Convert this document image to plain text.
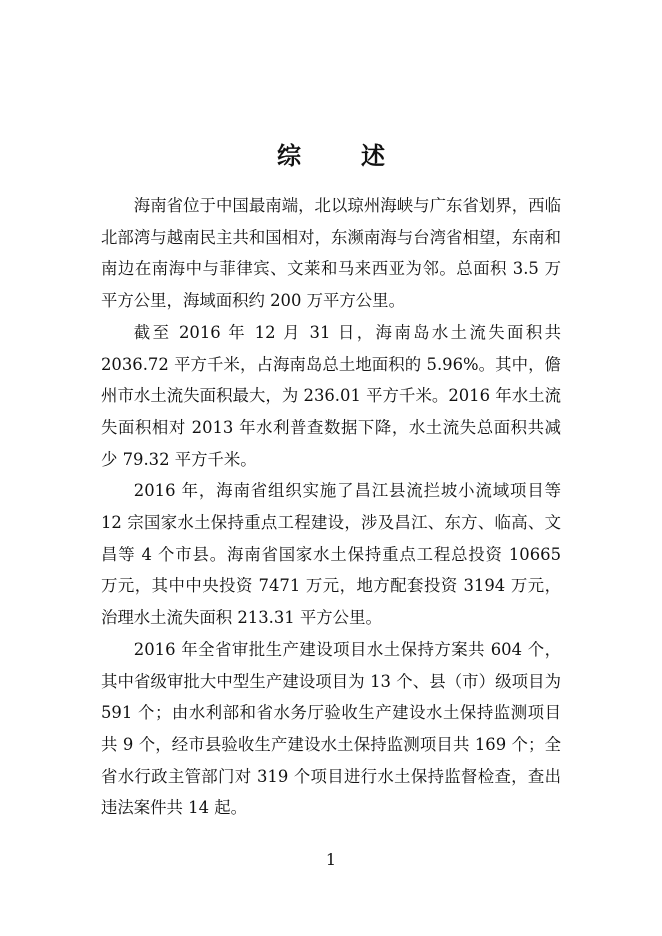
综　述

海南省位于中国最南端，北以琼州海峡与广东省划界，西临北部湾与越南民主共和国相对，东濒南海与台湾省相望，东南和南边在南海中与菲律宾、文莱和马来西亚为邻。总面积 3.5 万平方公里，海域面积约 200 万平方公里。

截至 2016 年 12 月 31 日，海南岛水土流失面积共 2036.72 平方千米，占海南岛总土地面积的 5.96%。其中，儋州市水土流失面积最大，为 236.01 平方千米。2016 年水土流失面积相对 2013 年水利普查数据下降，水土流失总面积共减少 79.32 平方千米。

2016 年，海南省组织实施了昌江县流拦坡小流域项目等 12 宗国家水土保持重点工程建设，涉及昌江、东方、临高、文昌等 4 个市县。海南省国家水土保持重点工程总投资 10665 万元，其中中央投资 7471 万元，地方配套投资 3194 万元，治理水土流失面积 213.31 平方公里。

2016 年全省审批生产建设项目水土保持方案共 604 个，其中省级审批大中型生产建设项目为 13 个、县（市）级项目为 591 个；由水利部和省水务厅验收生产建设水土保持监测项目共 9 个，经市县验收生产建设水土保持监测项目共 169 个；全省水行政主管部门对 319 个项目进行水土保持监督检查，查出违法案件共 14 起。

1
